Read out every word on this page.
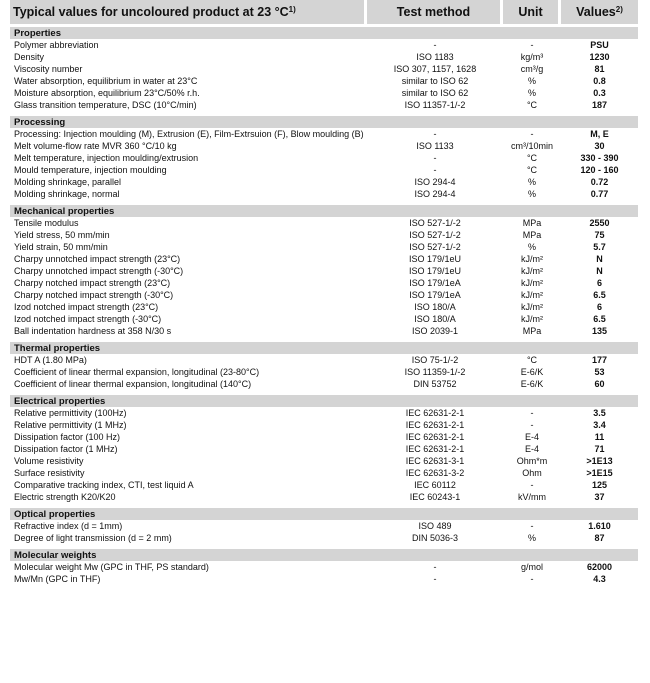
Typical values for uncoloured product at 23 $^\circ C^{1)}$	Test method	Unit	Values$^{2)}$

Properties			
Polymer abbreviation	-	-	PSU
Density	ISO 1183	kg/m³	1230
Viscosity number	ISO 307, 1157, 1628	cm³/g	81
Water absorption, equilibrium in water at 23°C	similar to ISO 62	%	0.8
Moisture absorption, equilibrium 23°C/50% r.h.	similar to ISO 62	%	0.3
Glass transition temperature, DSC (10°C/min)	ISO 11357-1/-2	°C	187

Processing			
Processing: Injection moulding (M), Extrusion (E), Film-Extrsuion (F), Blow moulding (B)	-	-	M, E
Melt volume-flow rate MVR 360 °C/10 kg	ISO 1133	cm³/10min	30
Melt temperature, injection moulding/extrusion	-	°C	330 - 390
Mould temperature, injection moulding	-	°C	120 - 160
Molding shrinkage, parallel	ISO 294-4	%	0.72
Molding shrinkage, normal	ISO 294-4	%	0.77

Mechanical properties			
Tensile modulus	ISO 527-1/-2	MPa	2550
Yield stress, 50 mm/min	ISO 527-1/-2	MPa	75
Yield strain, 50 mm/min	ISO 527-1/-2	%	5.7
Charpy unnotched impact strength (23°C)	ISO 179/1eU	kJ/m²	N
Charpy unnotched impact strength (-30°C)	ISO 179/1eU	kJ/m²	N
Charpy notched impact strength (23°C)	ISO 179/1eA	kJ/m²	6
Charpy notched impact strength (-30°C)	ISO 179/1eA	kJ/m²	6.5
Izod notched impact strength (23°C)	ISO 180/A	kJ/m²	6
Izod notched impact strength (-30°C)	ISO 180/A	kJ/m²	6.5
Ball indentation hardness at 358 N/30 s	ISO 2039-1	MPa	135

Thermal properties			
HDT A (1.80 MPa)	ISO 75-1/-2	°C	177
Coefficient of linear thermal expansion, longitudinal (23-80°C)	ISO 11359-1/-2	E-6/K	53
Coefficient of linear thermal expansion, longitudinal (140°C)	DIN 53752	E-6/K	60

Electrical properties			
Relative permittivity (100Hz)	IEC 62631-2-1	-	3.5
Relative permittivity (1 MHz)	IEC 62631-2-1	-	3.4
Dissipation factor (100 Hz)	IEC 62631-2-1	E-4	11
Dissipation factor (1 MHz)	IEC 62631-2-1	E-4	71
Volume resistivity	IEC 62631-3-1	Ohm*m	>1E13
Surface resistivity	IEC 62631-3-2	Ohm	>1E15
Comparative tracking index, CTI, test liquid A	IEC 60112	-	125
Electric strength K20/K20	IEC 60243-1	kV/mm	37

Optical properties			
Refractive index (d = 1mm)	ISO 489	-	1.610
Degree of light transmission (d = 2 mm)	DIN 5036-3	%	87

Molecular weights			
Molecular weight Mw (GPC in THF, PS standard)	-	g/mol	62000
Mw/Mn (GPC in THF)	-	-	4.3
